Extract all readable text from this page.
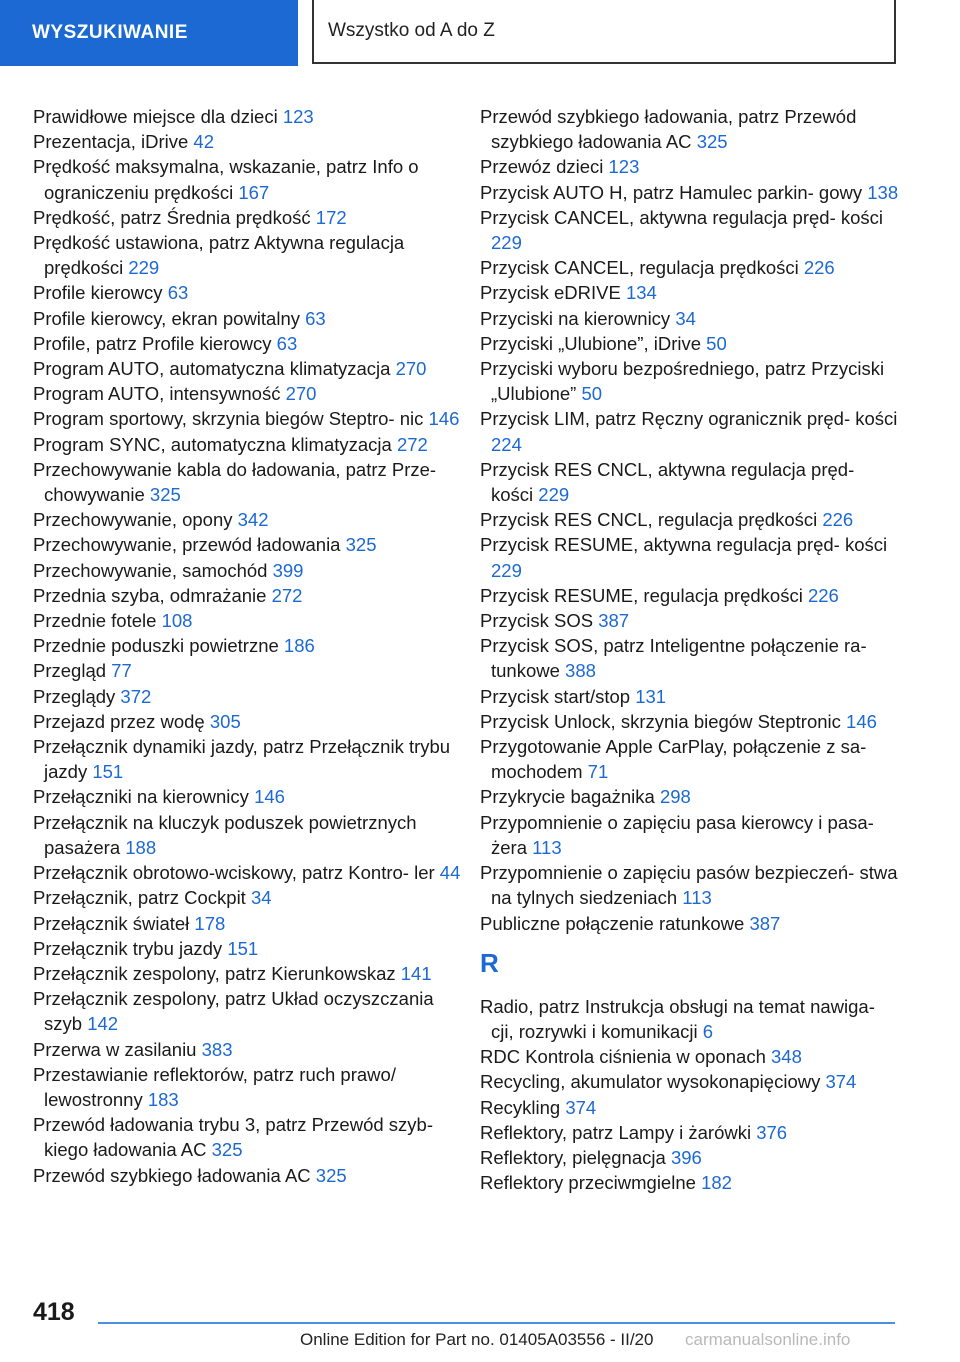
WYSZUKIWANIE	Wszystko od A do Z
Prawidłowe miejsce dla dzieci 123
Prezentacja, iDrive 42
Prędkość maksymalna, wskazanie, patrz Info o ograniczeniu prędkości 167
Prędkość, patrz Średnia prędkość 172
Prędkość ustawiona, patrz Aktywna regulacja prędkości 229
Profile kierowcy 63
Profile kierowcy, ekran powitalny 63
Profile, patrz Profile kierowcy 63
Program AUTO, automatyczna klimatyzacja 270
Program AUTO, intensywność 270
Program sportowy, skrzynia biegów Steptro‐ nic 146
Program SYNC, automatyczna klimatyzacja 272
Przechowywanie kabla do ładowania, patrz Prze‐ chowywanie 325
Przechowywanie, opony 342
Przechowywanie, przewód ładowania 325
Przechowywanie, samochód 399
Przednia szyba, odmrażanie 272
Przednie fotele 108
Przednie poduszki powietrzne 186
Przegląd 77
Przeglądy 372
Przejazd przez wodę 305
Przełącznik dynamiki jazdy, patrz Przełącznik trybu jazdy 151
Przełączniki na kierownicy 146
Przełącznik na kluczyk poduszek powietrznych pasażera 188
Przełącznik obrotowo-wciskowy, patrz Kontro‐ ler 44
Przełącznik, patrz Cockpit 34
Przełącznik świateł 178
Przełącznik trybu jazdy 151
Przełącznik zespolony, patrz Kierunkowskaz 141
Przełącznik zespolony, patrz Układ oczyszczania szyb 142
Przerwa w zasilaniu 383
Przestawianie reflektorów, patrz ruch prawo/ lewostronny 183
Przewód ładowania trybu 3, patrz Przewód szyb‐ kiego ładowania AC 325
Przewód szybkiego ładowania AC 325
Przewód szybkiego ładowania, patrz Przewód szybkiego ładowania AC 325
Przewóz dzieci 123
Przycisk AUTO H, patrz Hamulec parkin‐ gowy 138
Przycisk CANCEL, aktywna regulacja pręd‐ kości 229
Przycisk CANCEL, regulacja prędkości 226
Przycisk eDRIVE 134
Przyciski na kierownicy 34
Przyciski „Ulubione”, iDrive 50
Przyciski wyboru bezpośredniego, patrz Przyciski „Ulubione” 50
Przycisk LIM, patrz Ręczny ogranicznik pręd‐ kości 224
Przycisk RES CNCL, aktywna regulacja pręd‐ kości 229
Przycisk RES CNCL, regulacja prędkości 226
Przycisk RESUME, aktywna regulacja pręd‐ kości 229
Przycisk RESUME, regulacja prędkości 226
Przycisk SOS 387
Przycisk SOS, patrz Inteligentne połączenie ra‐ tunkowe 388
Przycisk start/stop 131
Przycisk Unlock, skrzynia biegów Steptronic 146
Przygotowanie Apple CarPlay, połączenie z sa‐ mochodem 71
Przykrycie bagażnika 298
Przypomnienie o zapięciu pasa kierowcy i pasa‐ żera 113
Przypomnienie o zapięciu pasów bezpieczeń‐ stwa na tylnych siedzeniach 113
Publiczne połączenie ratunkowe 387
R
Radio, patrz Instrukcja obsługi na temat nawiga‐ cji, rozrywki i komunikacji 6
RDC Kontrola ciśnienia w oponach 348
Recycling, akumulator wysokonapięciowy 374
Recykling 374
Reflektory, patrz Lampy i żarówki 376
Reflektory, pielęgnacja 396
Reflektory przeciwmgielne 182
418
Online Edition for Part no. 01405A03556 - II/20 carmanualsonline.info
